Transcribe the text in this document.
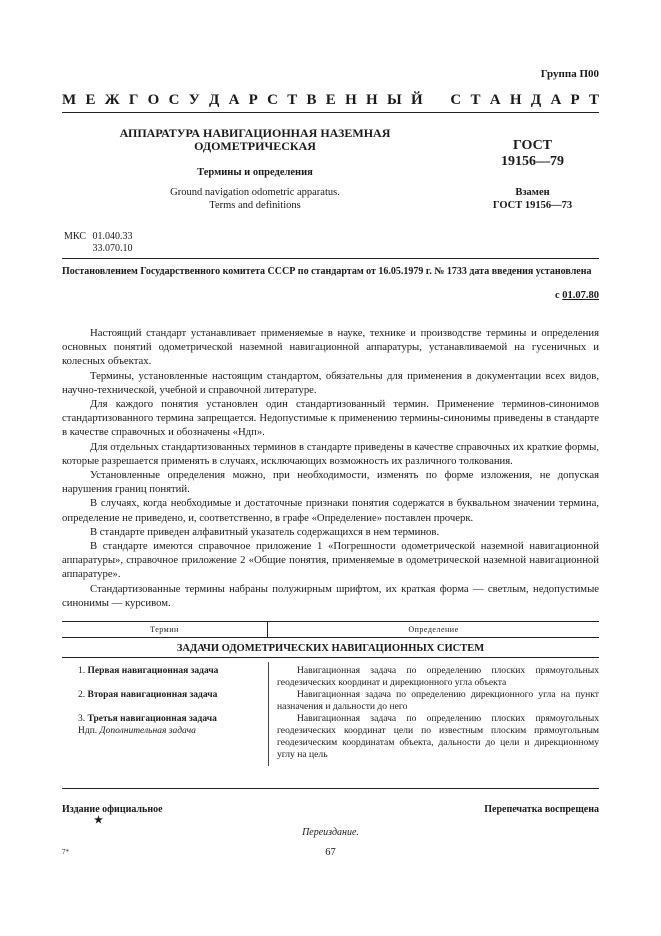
Группа П00
М Е Ж Г О С У Д А Р С Т В Е Н Н Ы Й С Т А Н Д А Р Т
АППАРАТУРА НАВИГАЦИОННАЯ НАЗЕМНАЯ
ОДОМЕТРИЧЕСКАЯ
Термины и определения
Ground navigation odometric apparatus.
Terms and definitions
ГОСТ
19156—79
Взамен
ГОСТ 19156—73
МКС 01.040.33
33.070.10
Постановлением Государственного комитета СССР по стандартам от 16.05.1979 г. № 1733 дата введения установлена
с 01.07.80

Настоящий стандарт устанавливает применяемые в науке, технике и производстве термины и определения основных понятий одометрической наземной навигационной аппаратуры, устанавливаемой на гусеничных и колесных объектах.

Термины, установленные настоящим стандартом, обязательны для применения в документации всех видов, научно-технической, учебной и справочной литературе.

Для каждого понятия установлен один стандартизованный термин. Применение терминов-синонимов стандартизованного термина запрещается. Недопустимые к применению термины-синонимы приведены в стандарте в качестве справочных и обозначены «Ндп».

Для отдельных стандартизованных терминов в стандарте приведены в качестве справочных их краткие формы, которые разрешается применять в случаях, исключающих возможность их различного толкования.

Установленные определения можно, при необходимости, изменять по форме изложения, не допуская нарушения границ понятий.

В случаях, когда необходимые и достаточные признаки понятия содержатся в буквальном значении термина, определение не приведено, и, соответственно, в графе «Определение» поставлен прочерк.

В стандарте приведен алфавитный указатель содержащихся в нем терминов.

В стандарте имеются справочное приложение 1 «Погрешности одометрической наземной навигационной аппаратуры», справочное приложение 2 «Общие понятия, применяемые в одометрической наземной навигационной аппаратуре».

Стандартизованные термины набраны полужирным шрифтом, их краткая форма — светлым, недопустимые синонимы — курсивом.

Термин	Определение
ЗАДАЧИ ОДОМЕТРИЧЕСКИХ НАВИГАЦИОННЫХ СИСТЕМ
1. Первая навигационная задача
2. Вторая навигационная задача
3. Третья навигационная задача
Ндп. Дополнительная задача

Навигационная задача по определению плоских прямоугольных геодезических координат и дирекционного угла объекта

Навигационная задача по определению дирекционного угла на пункт назначения и дальности до него

Навигационная задача по определению плоских прямоугольных геодезических координат цели по известным плоским прямоугольным геодезическим координатам объекта, дальности до цели и дирекционному углу на цель

Издание официальное
★
Перепечатка воспрещена
Переиздание.
7*	67
